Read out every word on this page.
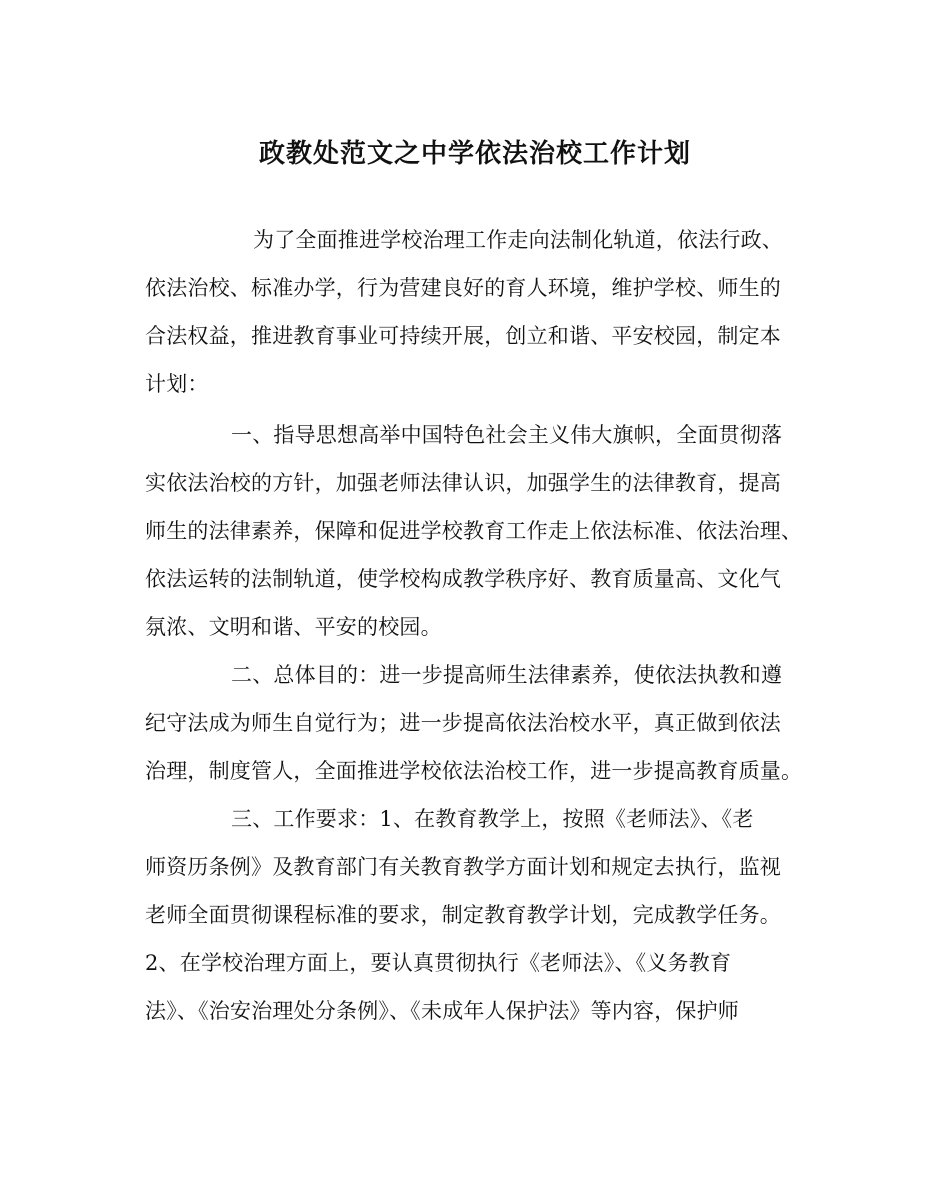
政教处范文之中学依法治校工作计划
为了全面推进学校治理工作走向法制化轨道，依法行政、
依法治校、标准办学，行为营建良好的育人环境，维护学校、师生的
合法权益，推进教育事业可持续开展，创立和谐、平安校园，制定本
计划：
一、指导思想高举中国特色社会主义伟大旗帜，全面贯彻落
实依法治校的方针，加强老师法律认识，加强学生的法律教育，提高
师生的法律素养，保障和促进学校教育工作走上依法标准、依法治理、
依法运转的法制轨道，使学校构成教学秩序好、教育质量高、文化气
氛浓、文明和谐、平安的校园。
二、总体目的：进一步提高师生法律素养，使依法执教和遵
纪守法成为师生自觉行为；进一步提高依法治校水平，真正做到依法
治理，制度管人，全面推进学校依法治校工作，进一步提高教育质量。
三、工作要求：1、在教育教学上，按照《老师法》、《老
师资历条例》及教育部门有关教育教学方面计划和规定去执行，监视
老师全面贯彻课程标准的要求，制定教育教学计划，完成教学任务。
2、在学校治理方面上，要认真贯彻执行《老师法》、《义务教育
法》、《治安治理处分条例》、《未成年人保护法》等内容，保护师
